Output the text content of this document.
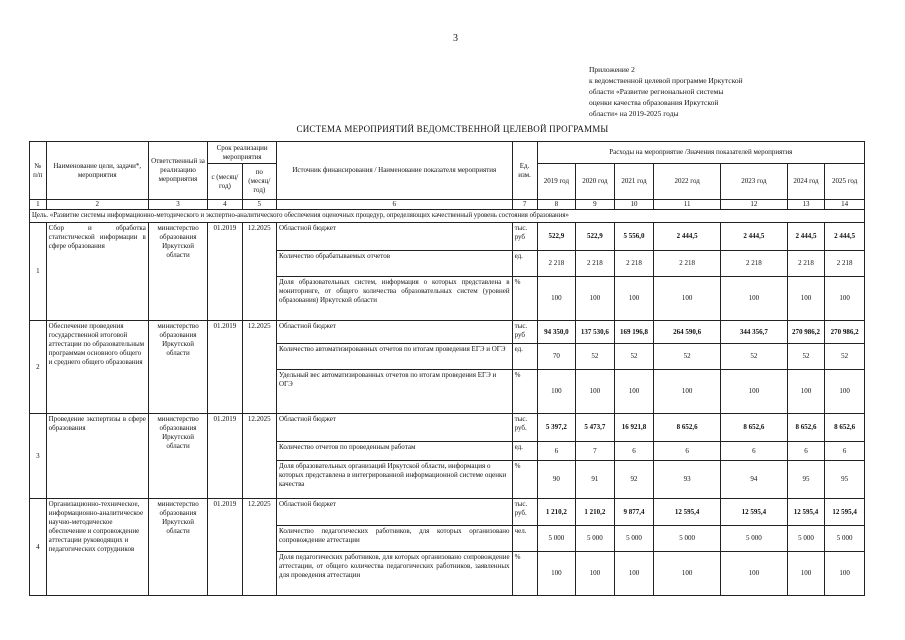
3
Приложение 2
к ведомственной целевой программе Иркутской
области «Развитие региональной системы
оценки качества образования Иркутской
области» на 2019-2025 годы
СИСТЕМА МЕРОПРИЯТИЙ ВЕДОМСТВЕННОЙ ЦЕЛЕВОЙ ПРОГРАММЫ
№ п/п	Наименование цели, задачи*, мероприятия	Ответственный за реализацию мероприятия	Срок реализации мероприятия		Источник финансирования / Наименование показателя мероприятия	Ед. изм.	Расходы на мероприятие /Значения показателей мероприятия						
			с (месяц/ год)	по (месяц/ год)			2019 год	2020 год	2021 год	2022 год	2023 год	2024 год	2025 год
1	2	3	4	5	6	7	8	9	10	11	12	13	14
Цель. «Развитие системы информационно-методического и экспертно-аналитического обеспечения оценочных процедур, определяющих качественный уровень состояния образования»													
1	Сбор и обработка статистической информации в сфере образования	министерство образования Иркутской области	01.2019	12.2025	Областной бюджет	тыс. руб	522,9	522,9	5 556,0	2 444,5	2 444,5	2 444,5	2 444,5
					Количество обрабатываемых отчетов	ед.	2 218	2 218	2 218	2 218	2 218	2 218	2 218
					Доля образовательных систем, информация о которых представлена в мониторинге, от общего количества образовательных систем (уровней образования) Иркутской области	%	100	100	100	100	100	100	100
2	Обеспечение проведения государственной итоговой аттестации по образовательным программам основного общего и среднего общего образования	министерство образования Иркутской области	01.2019	12.2025	Областной бюджет	тыс. руб	94 350,0	137 530,6	169 196,8	264 590,6	344 356,7	270 986,2	270 986,2
					Количество автоматизированных отчетов по итогам проведения ЕГЭ и ОГЭ	ед.	70	52	52	52	52	52	52
					Удельный вес автоматизированных отчетов по итогам проведения ЕГЭ и ОГЭ	%	100	100	100	100	100	100	100
3	Проведение экспертизы в сфере образования	министерство образования Иркутской области	01.2019	12.2025	Областной бюджет	тыс. руб.	5 397,2	5 473,7	16 921,8	8 652,6	8 652,6	8 652,6	8 652,6
					Количество отчетов по проведенным работам	ед.	6	7	6	6	6	6	6
					Доля образовательных организаций Иркутской области, информация о которых представлена в интегрированной информационной системе оценки качества	%	90	91	92	93	94	95	95
4	Организационно-техническое, информационно-аналитическое научно-методическое обеспечение и сопровождение аттестации руководящих и педагогических сотрудников	министерство образования Иркутской области	01.2019	12.2025	Областной бюджет	тыс. руб.	1 210,2	1 210,2	9 877,4	12 595,4	12 595,4	12 595,4	12 595,4
					Количество педагогических работников, для которых организовано сопровождение аттестации	чел.	5 000	5 000	5 000	5 000	5 000	5 000	5 000
					Доля педагогических работников, для которых организовано сопровождение аттестации, от общего количества педагогических работников, заявленных для проведения аттестации	%	100	100	100	100	100	100	100
